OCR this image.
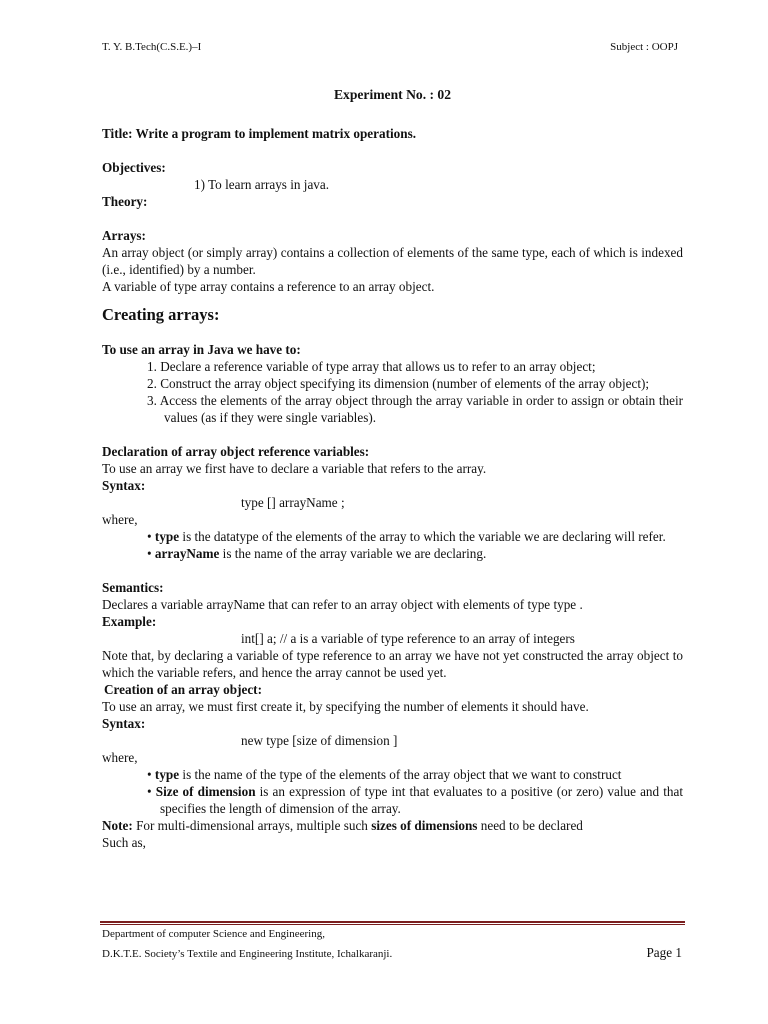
T. Y. B.Tech(C.S.E.)–I	Subject : OOPJ
Experiment No. : 02
Title: Write a program to implement matrix operations.
Objectives:
1) To learn arrays in java.
Theory:
Arrays:
An array object (or simply array) contains a collection of elements of the same type, each of which is indexed (i.e., identified) by a number.
A variable of type array contains a reference to an array object.
Creating arrays:
To use an array in Java we have to:
1. Declare a reference variable of type array that allows us to refer to an array object;
2. Construct the array object specifying its dimension (number of elements of the array object);
3. Access the elements of the array object through the array variable in order to assign or obtain their values (as if they were single variables).
Declaration of array object reference variables:
To use an array we first have to declare a variable that refers to the array.
Syntax:
type [] arrayName ;
where,
• type is the datatype of the elements of the array to which the variable we are declaring will refer.
• arrayName is the name of the array variable we are declaring.
Semantics:
Declares a variable arrayName that can refer to an array object with elements of type type .
Example:
int[] a; // a is a variable of type reference to an array of integers
Note that, by declaring a variable of type reference to an array we have not yet constructed the array object to which the variable refers, and hence the array cannot be used yet.
Creation of an array object:
To use an array, we must first create it, by specifying the number of elements it should have.
Syntax:
new type [size of dimension ]
where,
• type is the name of the type of the elements of the array object that we want to construct
• Size of dimension is an expression of type int that evaluates to a positive (or zero) value and that specifies the length of dimension of the array.
Note: For multi-dimensional arrays, multiple such sizes of dimensions need to be declared
Such as,
Department of computer Science and Engineering,
D.K.T.E. Society’s Textile and Engineering Institute, Ichalkaranji.	Page 1
